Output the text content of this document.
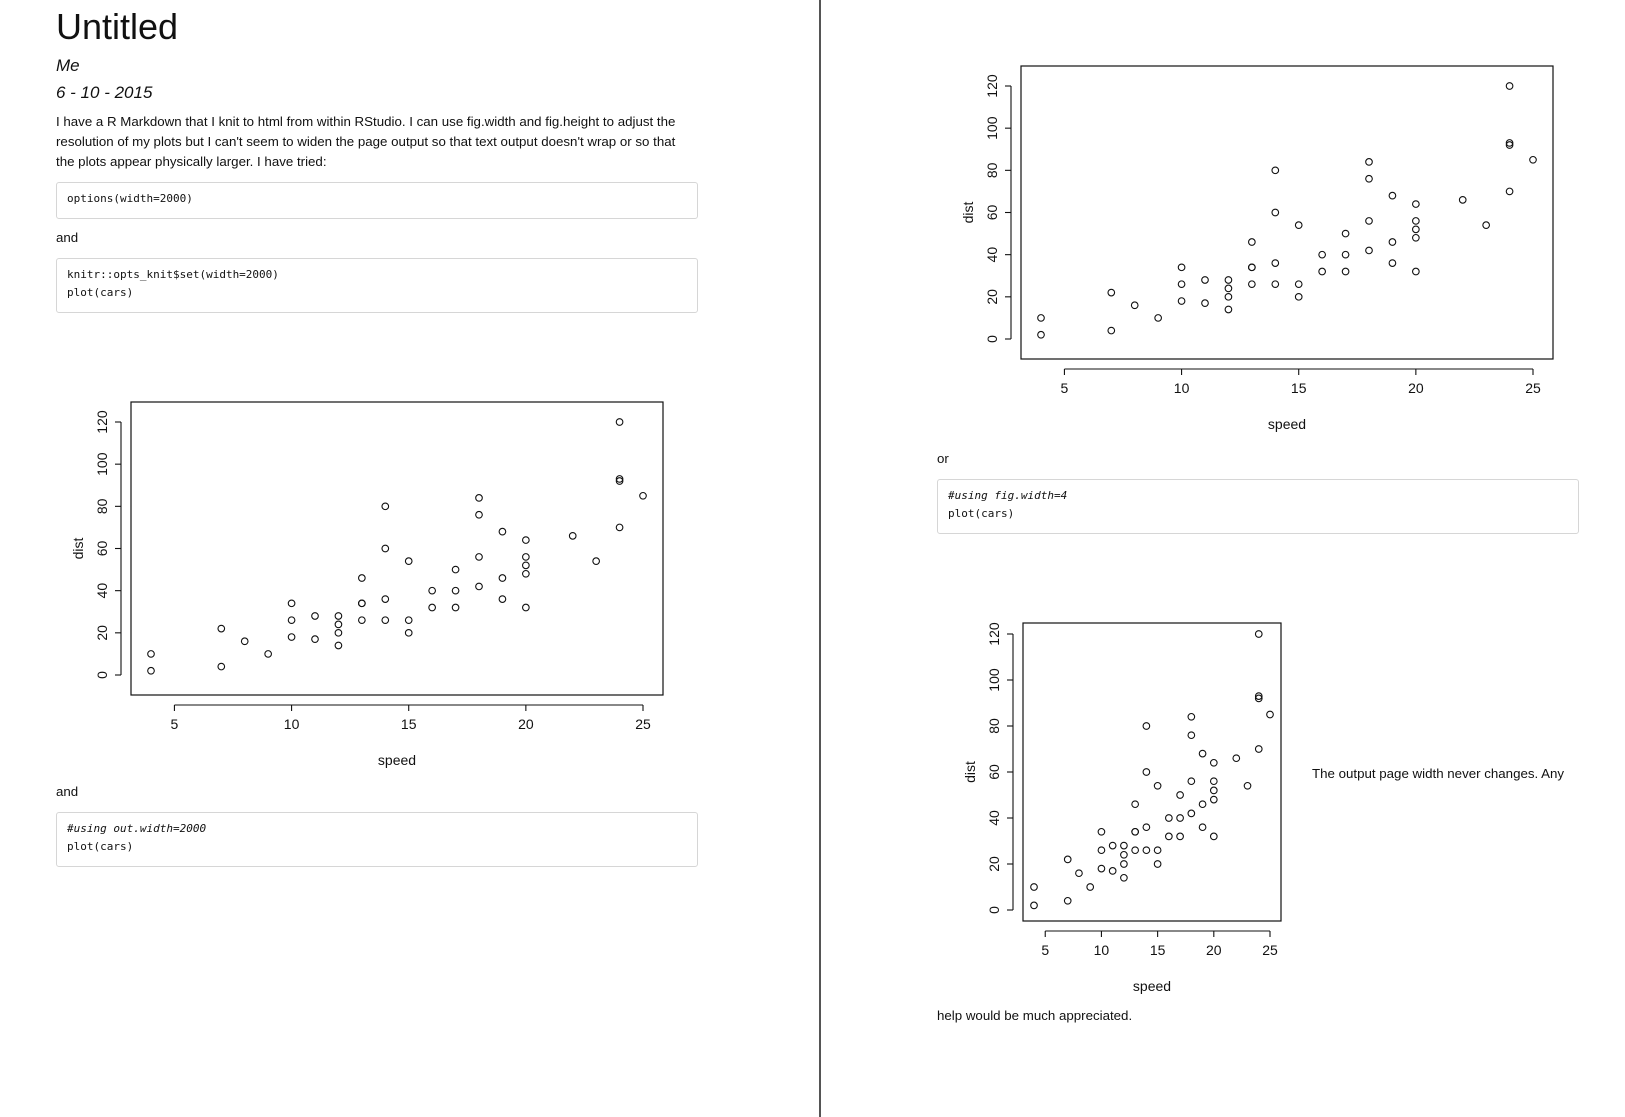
Untitled
Me
6 - 10 - 2015
I have a R Markdown that I knit to html from within RStudio. I can use fig.width and fig.height to adjust the resolution of my plots but I can't seem to widen the page output so that text output doesn't wrap or so that the plots appear physically larger. I have tried:
options(width=2000)
and
knitr::opts_knit$set(width=2000)
plot(cars)
5	10	15	20	25
speed
0
20
40
60
80
100
120
dist
and
#using out.width=2000
plot(cars)
5	10	15	20	25
speed
0
20
40
60
80
100
120
dist
or
#using fig.width=4
plot(cars)
5	10	15	20	25
speed
0
20
40
60
80
100
120
dist	The output page width never changes. Any
help would be much appreciated.
